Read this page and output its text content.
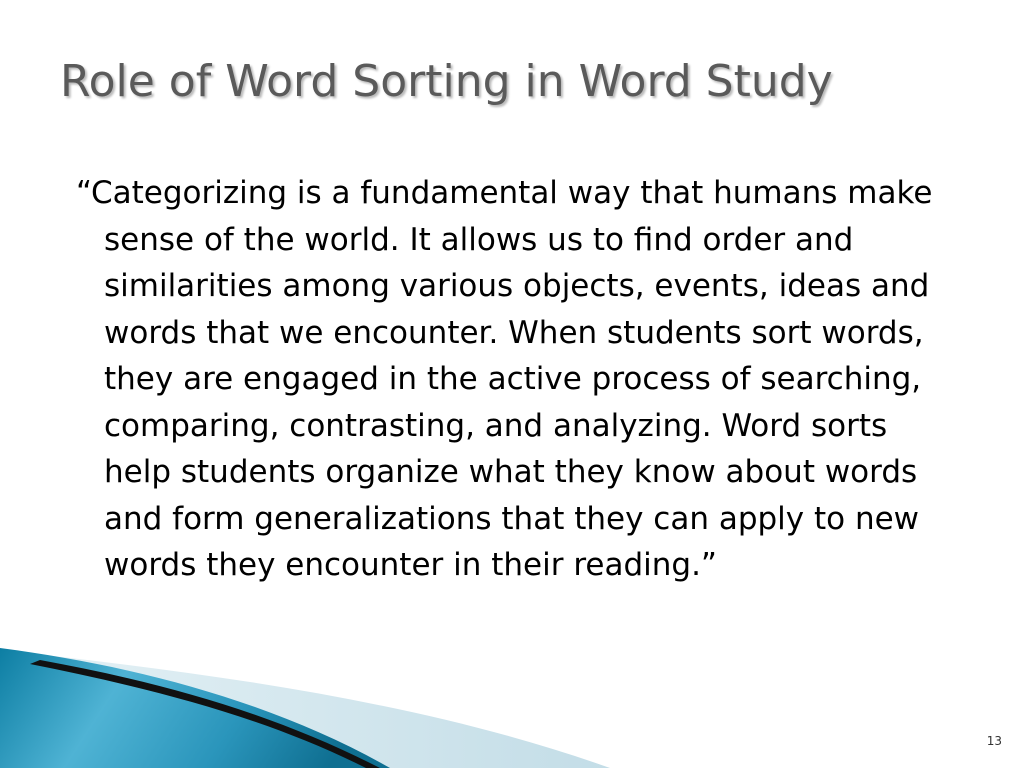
Role of Word Sorting in Word Study

“Categorizing is a fundamental way that humans make sense of the world. It allows us to find order and similarities among various objects, events, ideas and words that we encounter. When students sort words, they are engaged in the active process of searching, comparing, contrasting, and analyzing. Word sorts help students organize what they know about words and form generalizations that they can apply to new words they encounter in their reading.”

13
